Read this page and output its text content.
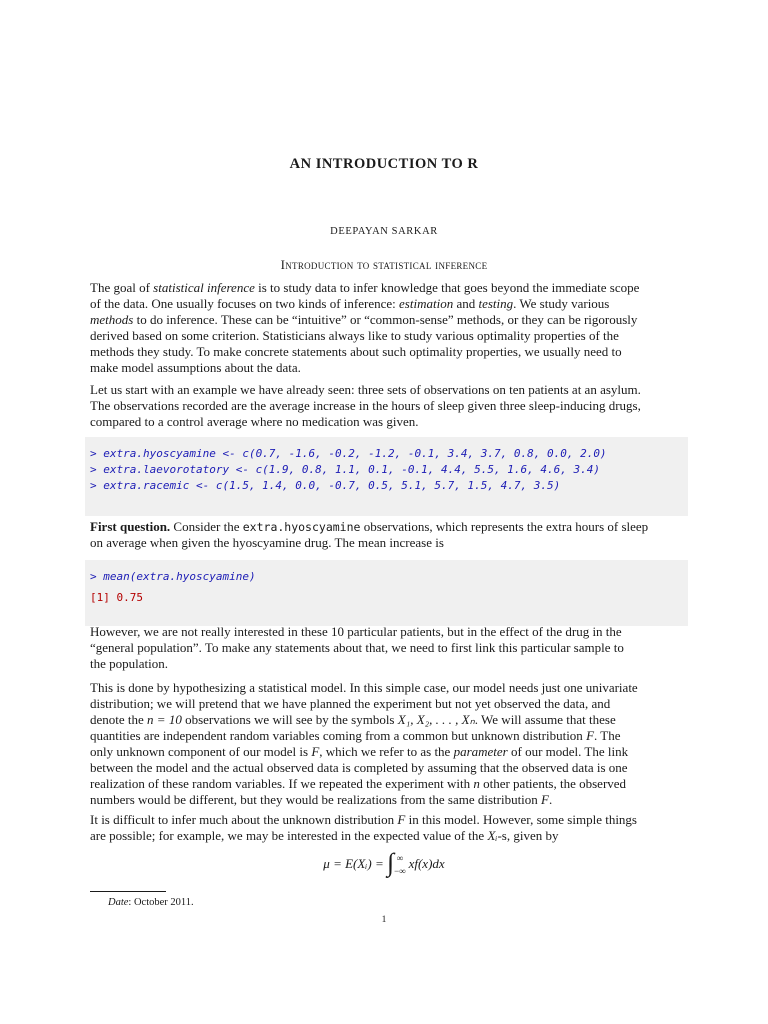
AN INTRODUCTION TO R
DEEPAYAN SARKAR
Introduction to statistical inference
The goal of statistical inference is to study data to infer knowledge that goes beyond the immediate scope
of the data. One usually focuses on two kinds of inference: estimation and testing. We study various
methods to do inference. These can be “intuitive” or “common-sense” methods, or they can be rigorously
derived based on some criterion. Statisticians always like to study various optimality properties of the
methods they study. To make concrete statements about such optimality properties, we usually need to
make model assumptions about the data.
Let us start with an example we have already seen: three sets of observations on ten patients at an asylum.
The observations recorded are the average increase in the hours of sleep given three sleep-inducing drugs,
compared to a control average where no medication was given.
> extra.hyoscyamine <- c(0.7, -1.6, -0.2, -1.2, -0.1, 3.4, 3.7, 0.8, 0.0, 2.0)
> extra.laevorotatory <- c(1.9, 0.8, 1.1, 0.1, -0.1, 4.4, 5.5, 1.6, 4.6, 3.4)
> extra.racemic <- c(1.5, 1.4, 0.0, -0.7, 0.5, 5.1, 5.7, 1.5, 4.7, 3.5)
First question. Consider the extra.hyoscyamine observations, which represents the extra hours of sleep
on average when given the hyoscyamine drug. The mean increase is
> mean(extra.hyoscyamine)
[1] 0.75
However, we are not really interested in these 10 particular patients, but in the effect of the drug in the
“general population”. To make any statements about that, we need to first link this particular sample to
the population.
This is done by hypothesizing a statistical model. In this simple case, our model needs just one univariate
distribution; we will pretend that we have planned the experiment but not yet observed the data, and
denote the n = 10 observations we will see by the symbols X₁, X₂, . . . , Xₙ. We will assume that these
quantities are independent random variables coming from a common but unknown distribution F. The
only unknown component of our model is F, which we refer to as the parameter of our model. The link
between the model and the actual observed data is completed by assuming that the observed data is one
realization of these random variables. If we repeated the experiment with n other patients, the observed
numbers would be different, but they would be realizations from the same distribution F.
It is difficult to infer much about the unknown distribution F in this model. However, some simple things
are possible; for example, we may be interested in the expected value of the Xᵢ-s, given by
μ = E(Xᵢ) = ∫ ∞
−∞
xf(x)dx
Date: October 2011.
1
